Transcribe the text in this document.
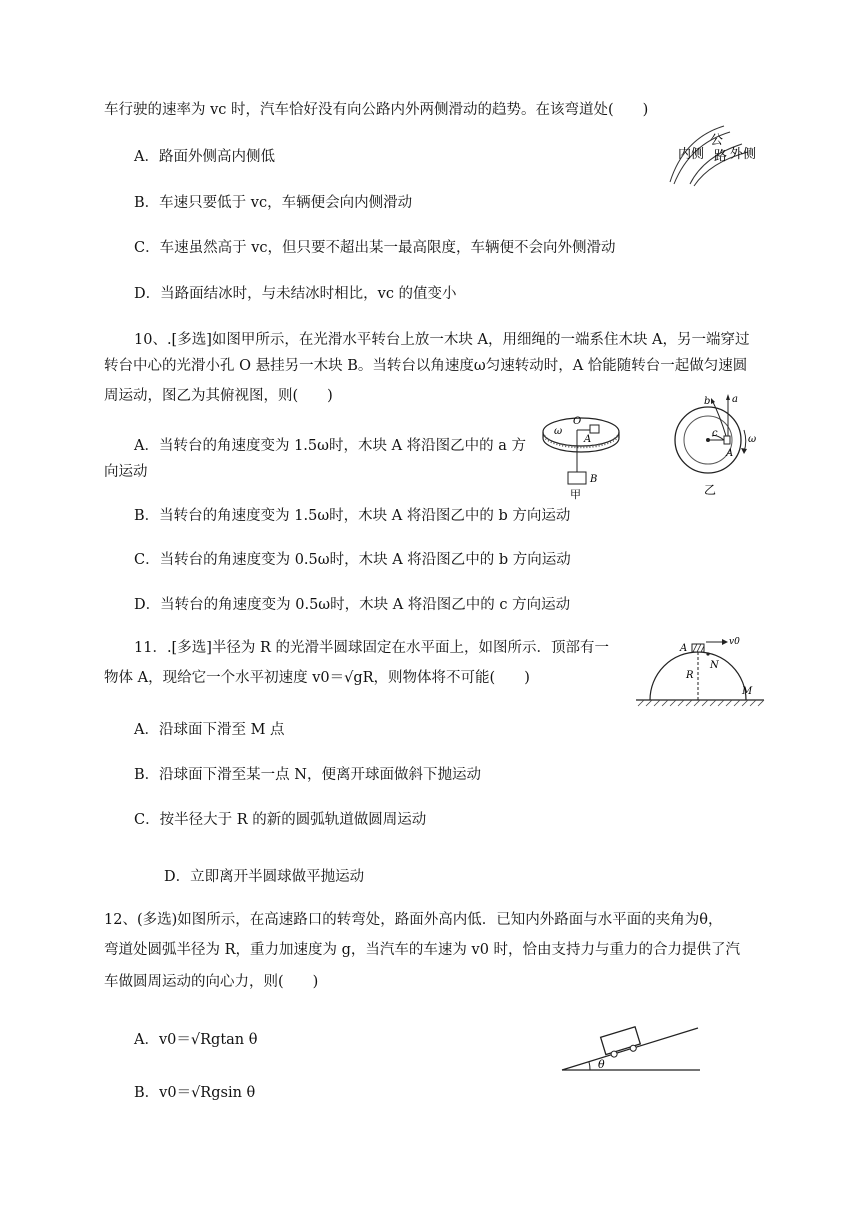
车行驶的速率为 vc 时，汽车恰好没有向公路内外两侧滑动的趋势。在该弯道处(　　)
A．路面外侧高内侧低
B．车速只要低于 vc，车辆便会向内侧滑动
C．车速虽然高于 vc，但只要不超出某一最高限度，车辆便不会向外侧滑动
D．当路面结冰时，与未结冰时相比，vc 的值变小
内侧
公
路 外侧
10、.[多选]如图甲所示，在光滑水平转台上放一木块 A，用细绳的一端系住木块 A，另一端穿过
转台中心的光滑小孔 O 悬挂另一木块 B。当转台以角速度ω匀速转动时，A 恰能随转台一起做匀速圆
周运动，图乙为其俯视图，则(　　)
A．当转台的角速度变为 1.5ω时，木块 A 将沿图乙中的 a 方
向运动
B．当转台的角速度变为 1.5ω时，木块 A 将沿图乙中的 b 方向运动
C．当转台的角速度变为 0.5ω时，木块 A 将沿图乙中的 b 方向运动
D．当转台的角速度变为 0.5ω时，木块 A 将沿图乙中的 c 方向运动
O
A
ω
B
甲
a
b
c
A
ω
乙
11．.[多选]半径为 R 的光滑半圆球固定在水平面上，如图所示．顶部有一
物体 A，现给它一个水平初速度 v0＝√gR，则物体将不可能(　　)
A．沿球面下滑至 M 点
B．沿球面下滑至某一点 N，便离开球面做斜下抛运动
C．按半径大于 R 的新的圆弧轨道做圆周运动
D．立即离开半圆球做平抛运动
v0
A
N
R
M
12、(多选)如图所示，在高速路口的转弯处，路面外高内低．已知内外路面与水平面的夹角为θ，
弯道处圆弧半径为 R，重力加速度为 g，当汽车的车速为 v0 时，恰由支持力与重力的合力提供了汽
车做圆周运动的向心力，则(　　)
A．v0＝√Rgtan θ
B．v0＝√Rgsin θ
θ
